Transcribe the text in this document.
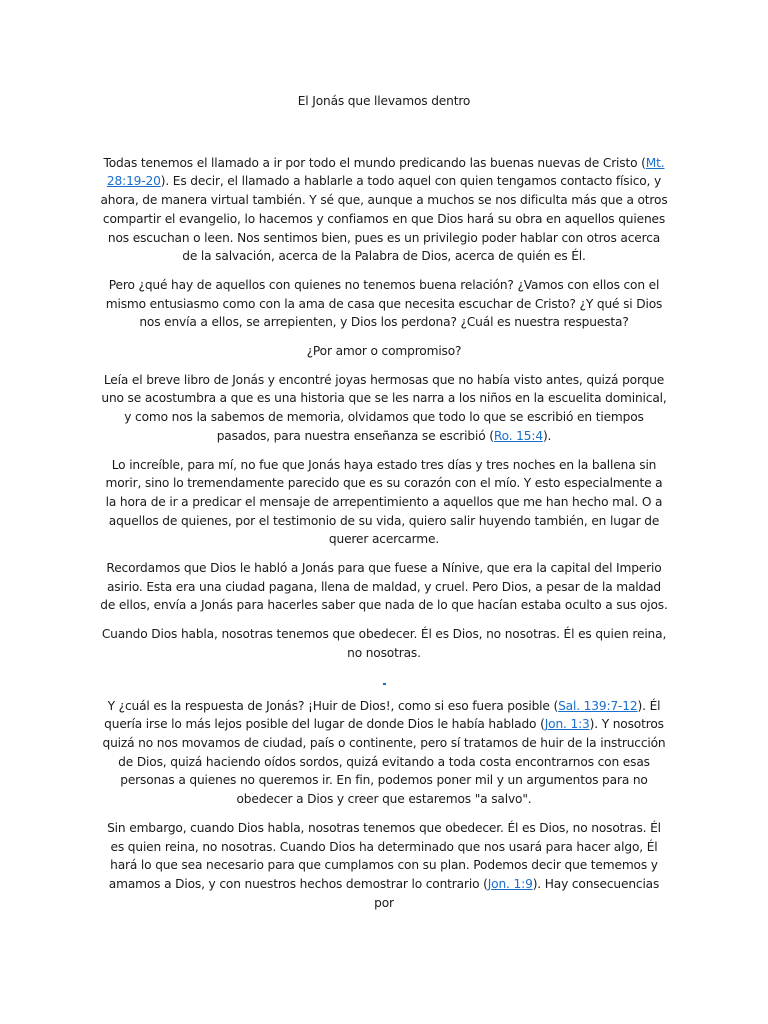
El Jonás que llevamos dentro

Todas tenemos el llamado a ir por todo el mundo predicando las buenas nuevas de Cristo (Mt. 28:19-20). Es decir, el llamado a hablarle a todo aquel con quien tengamos contacto físico, y ahora, de manera virtual también. Y sé que, aunque a muchos se nos dificulta más que a otros compartir el evangelio, lo hacemos y confiamos en que Dios hará su obra en aquellos quienes nos escuchan o leen. Nos sentimos bien, pues es un privilegio poder hablar con otros acerca de la salvación, acerca de la Palabra de Dios, acerca de quién es Él.

Pero ¿qué hay de aquellos con quienes no tenemos buena relación? ¿Vamos con ellos con el mismo entusiasmo como con la ama de casa que necesita escuchar de Cristo? ¿Y qué si Dios nos envía a ellos, se arrepienten, y Dios los perdona? ¿Cuál es nuestra respuesta?

¿Por amor o compromiso?

Leía el breve libro de Jonás y encontré joyas hermosas que no había visto antes, quizá porque uno se acostumbra a que es una historia que se les narra a los niños en la escuelita dominical, y como nos la sabemos de memoria, olvidamos que todo lo que se escribió en tiempos pasados, para nuestra enseñanza se escribió (Ro. 15:4).

Lo increíble, para mí, no fue que Jonás haya estado tres días y tres noches en la ballena sin morir, sino lo tremendamente parecido que es su corazón con el mío. Y esto especialmente a la hora de ir a predicar el mensaje de arrepentimiento a aquellos que me han hecho mal. O a aquellos de quienes, por el testimonio de su vida, quiero salir huyendo también, en lugar de querer acercarme.

Recordamos que Dios le habló a Jonás para que fuese a Nínive, que era la capital del Imperio asirio. Esta era una ciudad pagana, llena de maldad, y cruel. Pero Dios, a pesar de la maldad de ellos, envía a Jonás para hacerles saber que nada de lo que hacían estaba oculto a sus ojos.

Cuando Dios habla, nosotras tenemos que obedecer. Él es Dios, no nosotras. Él es quien reina, no nosotras.

Y ¿cuál es la respuesta de Jonás? ¡Huir de Dios!, como si eso fuera posible (Sal. 139:7-12). Él quería irse lo más lejos posible del lugar de donde Dios le había hablado (Jon. 1:3). Y nosotros quizá no nos movamos de ciudad, país o continente, pero sí tratamos de huir de la instrucción de Dios, quizá haciendo oídos sordos, quizá evitando a toda costa encontrarnos con esas personas a quienes no queremos ir. En fin, podemos poner mil y un argumentos para no obedecer a Dios y creer que estaremos "a salvo".

Sin embargo, cuando Dios habla, nosotras tenemos que obedecer. Él es Dios, no nosotras. Él es quien reina, no nosotras. Cuando Dios ha determinado que nos usará para hacer algo, Él hará lo que sea necesario para que cumplamos con su plan. Podemos decir que tememos y amamos a Dios, y con nuestros hechos demostrar lo contrario (Jon. 1:9). Hay consecuencias por
